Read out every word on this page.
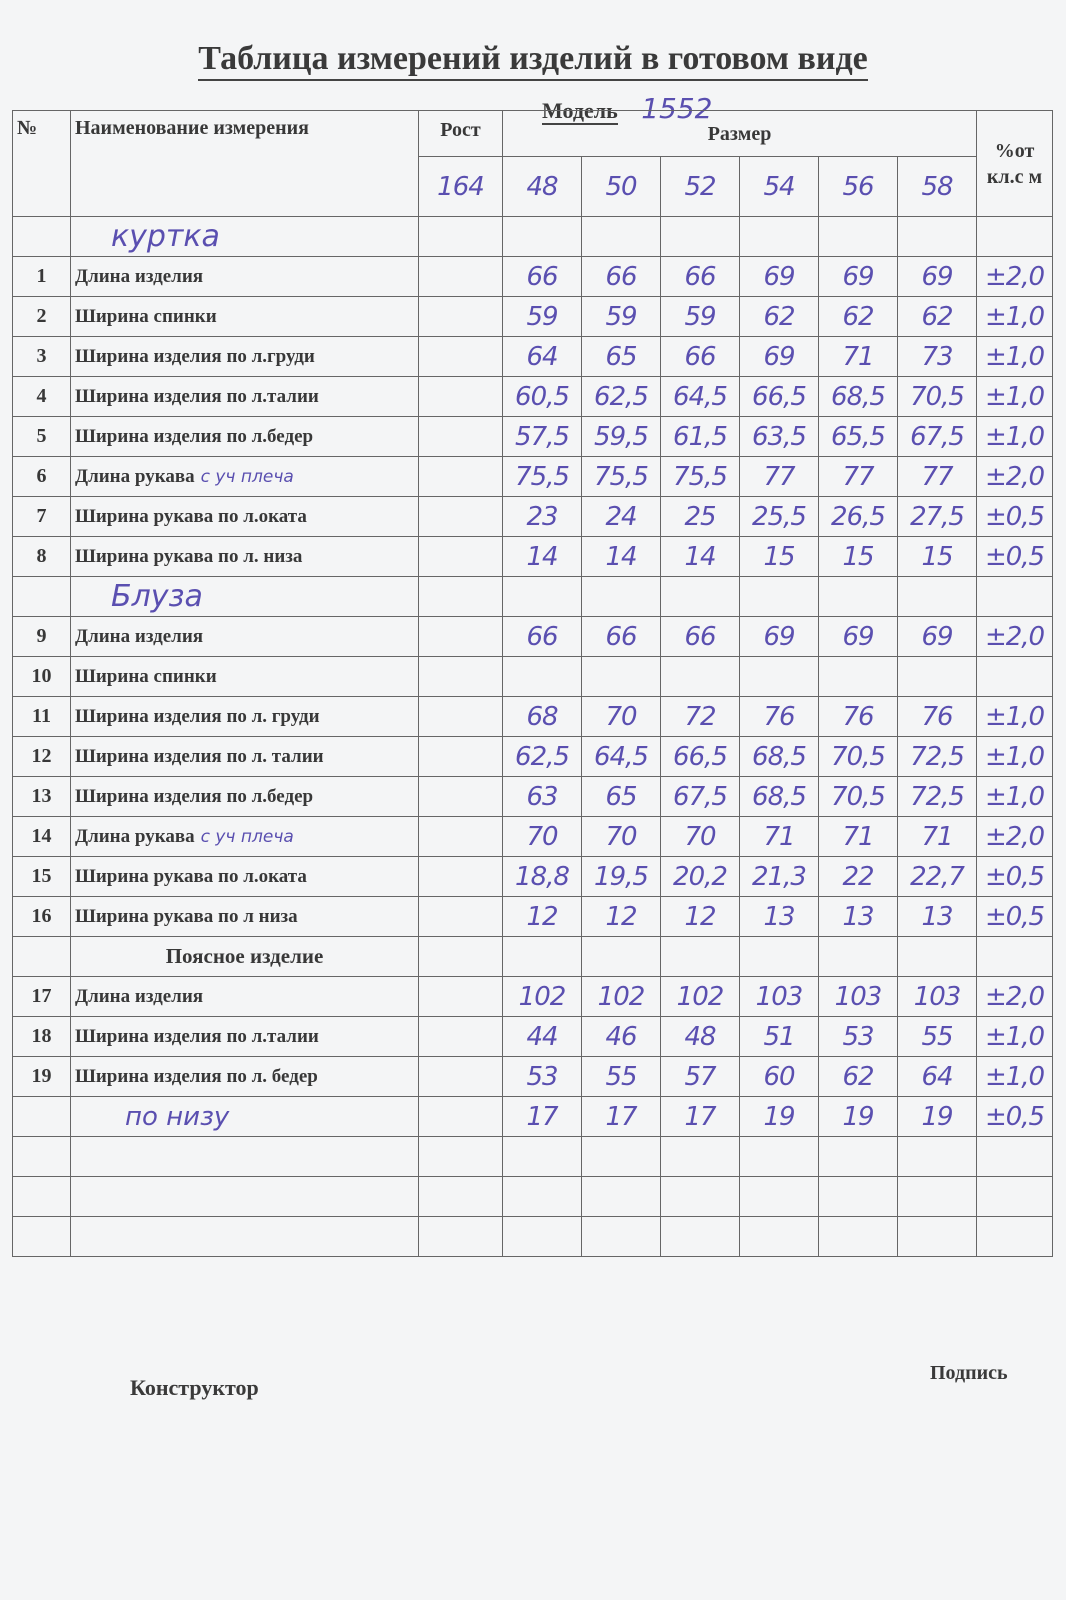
Таблица измерений изделий в готовом виде
Модель 1552
№	Наименование измерения	Рост	Размер						%от кл.с м
		164	48	50	52	54	56	58	
	куртка								
1	Длина изделия		66	66	66	69	69	69	±2,0
2	Ширина спинки		59	59	59	62	62	62	±1,0
3	Ширина изделия по л.груди		64	65	66	69	71	73	±1,0
4	Ширина изделия по л.талии		60,5	62,5	64,5	66,5	68,5	70,5	±1,0
5	Ширина изделия по л.бедер		57,5	59,5	61,5	63,5	65,5	67,5	±1,0
6	Длина рукава с уч плеча		75,5	75,5	75,5	77	77	77	±2,0
7	Ширина рукава по л.оката		23	24	25	25,5	26,5	27,5	±0,5
8	Ширина рукава по л. низа		14	14	14	15	15	15	±0,5
	Блуза								
9	Длина изделия		66	66	66	69	69	69	±2,0
10	Ширина спинки								
11	Ширина изделия по л. груди		68	70	72	76	76	76	±1,0
12	Ширина изделия по л. талии		62,5	64,5	66,5	68,5	70,5	72,5	±1,0
13	Ширина изделия по л.бедер		63	65	67,5	68,5	70,5	72,5	±1,0
14	Длина рукава с уч плеча		70	70	70	71	71	71	±2,0
15	Ширина рукава по л.оката		18,8	19,5	20,2	21,3	22	22,7	±0,5
16	Ширина рукава по л низа		12	12	12	13	13	13	±0,5
	Поясное изделие								
17	Длина изделия		102	102	102	103	103	103	±2,0
18	Ширина изделия по л.талии		44	46	48	51	53	55	±1,0
19	Ширина изделия по л. бедер		53	55	57	60	62	64	±1,0
	по низу		17	17	17	19	19	19	±0,5

Конструктор
Подпись
